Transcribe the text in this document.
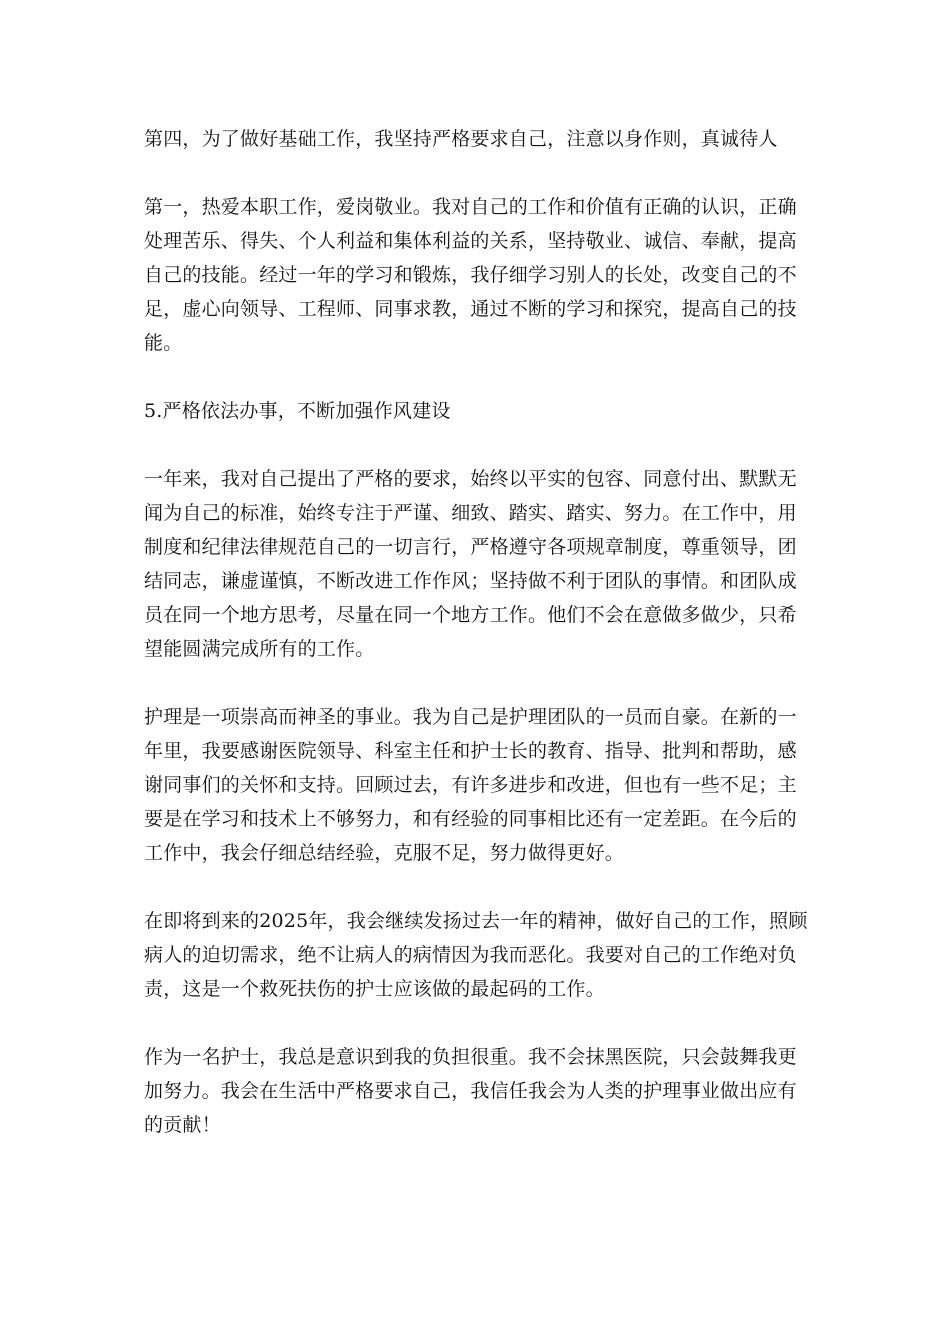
第四，为了做好基础工作，我坚持严格要求自己，注意以身作则，真诚待人

第一，热爱本职工作，爱岗敬业。我对自己的工作和价值有正确的认识，正确
处理苦乐、得失、个人利益和集体利益的关系，坚持敬业、诚信、奉献，提高
自己的技能。经过一年的学习和锻炼，我仔细学习别人的长处，改变自己的不
足，虚心向领导、工程师、同事求教，通过不断的学习和探究，提高自己的技
能。

5.严格依法办事，不断加强作风建设

一年来，我对自己提出了严格的要求，始终以平实的包容、同意付出、默默无
闻为自己的标准，始终专注于严谨、细致、踏实、踏实、努力。在工作中，用
制度和纪律法律规范自己的一切言行，严格遵守各项规章制度，尊重领导，团
结同志，谦虚谨慎，不断改进工作作风；坚持做不利于团队的事情。和团队成
员在同一个地方思考，尽量在同一个地方工作。他们不会在意做多做少，只希
望能圆满完成所有的工作。

护理是一项崇高而神圣的事业。我为自己是护理团队的一员而自豪。在新的一
年里，我要感谢医院领导、科室主任和护士长的教育、指导、批判和帮助，感
谢同事们的关怀和支持。回顾过去，有许多进步和改进，但也有一些不足；主
要是在学习和技术上不够努力，和有经验的同事相比还有一定差距。在今后的
工作中，我会仔细总结经验，克服不足，努力做得更好。

在即将到来的2025年，我会继续发扬过去一年的精神，做好自己的工作，照顾
病人的迫切需求，绝不让病人的病情因为我而恶化。我要对自己的工作绝对负
责，这是一个救死扶伤的护士应该做的最起码的工作。

作为一名护士，我总是意识到我的负担很重。我不会抹黑医院，只会鼓舞我更
加努力。我会在生活中严格要求自己，我信任我会为人类的护理事业做出应有
的贡献！
